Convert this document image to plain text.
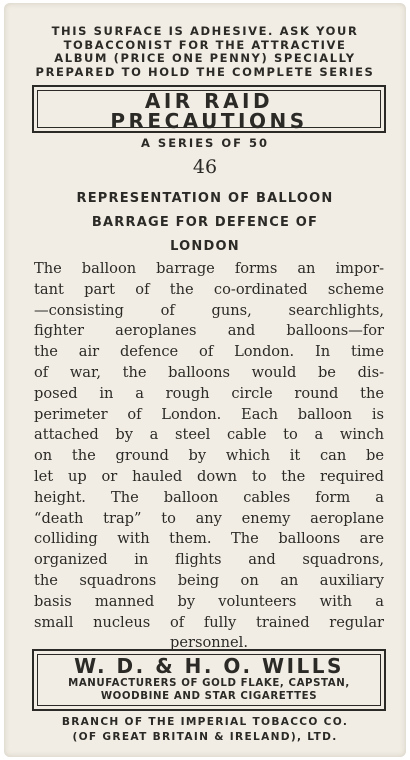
THIS SURFACE IS ADHESIVE. ASK YOUR
TOBACCONIST FOR THE ATTRACTIVE
ALBUM (PRICE ONE PENNY) SPECIALLY
PREPARED TO HOLD THE COMPLETE SERIES
AIR RAID
PRECAUTIONS
A SERIES OF 50
46
REPRESENTATION OF BALLOON
BARRAGE FOR DEFENCE OF
LONDON
The balloon barrage forms an impor-
tant part of the co-ordinated scheme
—consisting of guns, searchlights,
fighter aeroplanes and balloons—for
the air defence of London. In time
of war, the balloons would be dis-
posed in a rough circle round the
perimeter of London. Each balloon is
attached by a steel cable to a winch
on the ground by which it can be
let up or hauled down to the required
height. The balloon cables form a
“death trap” to any enemy aeroplane
colliding with them. The balloons are
organized in flights and squadrons,
the squadrons being on an auxiliary
basis manned by volunteers with a
small nucleus of fully trained regular
personnel.
W. D. & H. O. WILLS
MANUFACTURERS OF GOLD FLAKE, CAPSTAN,
WOODBINE AND STAR CIGARETTES
BRANCH OF THE IMPERIAL TOBACCO CO.
(OF GREAT BRITAIN & IRELAND), LTD.
